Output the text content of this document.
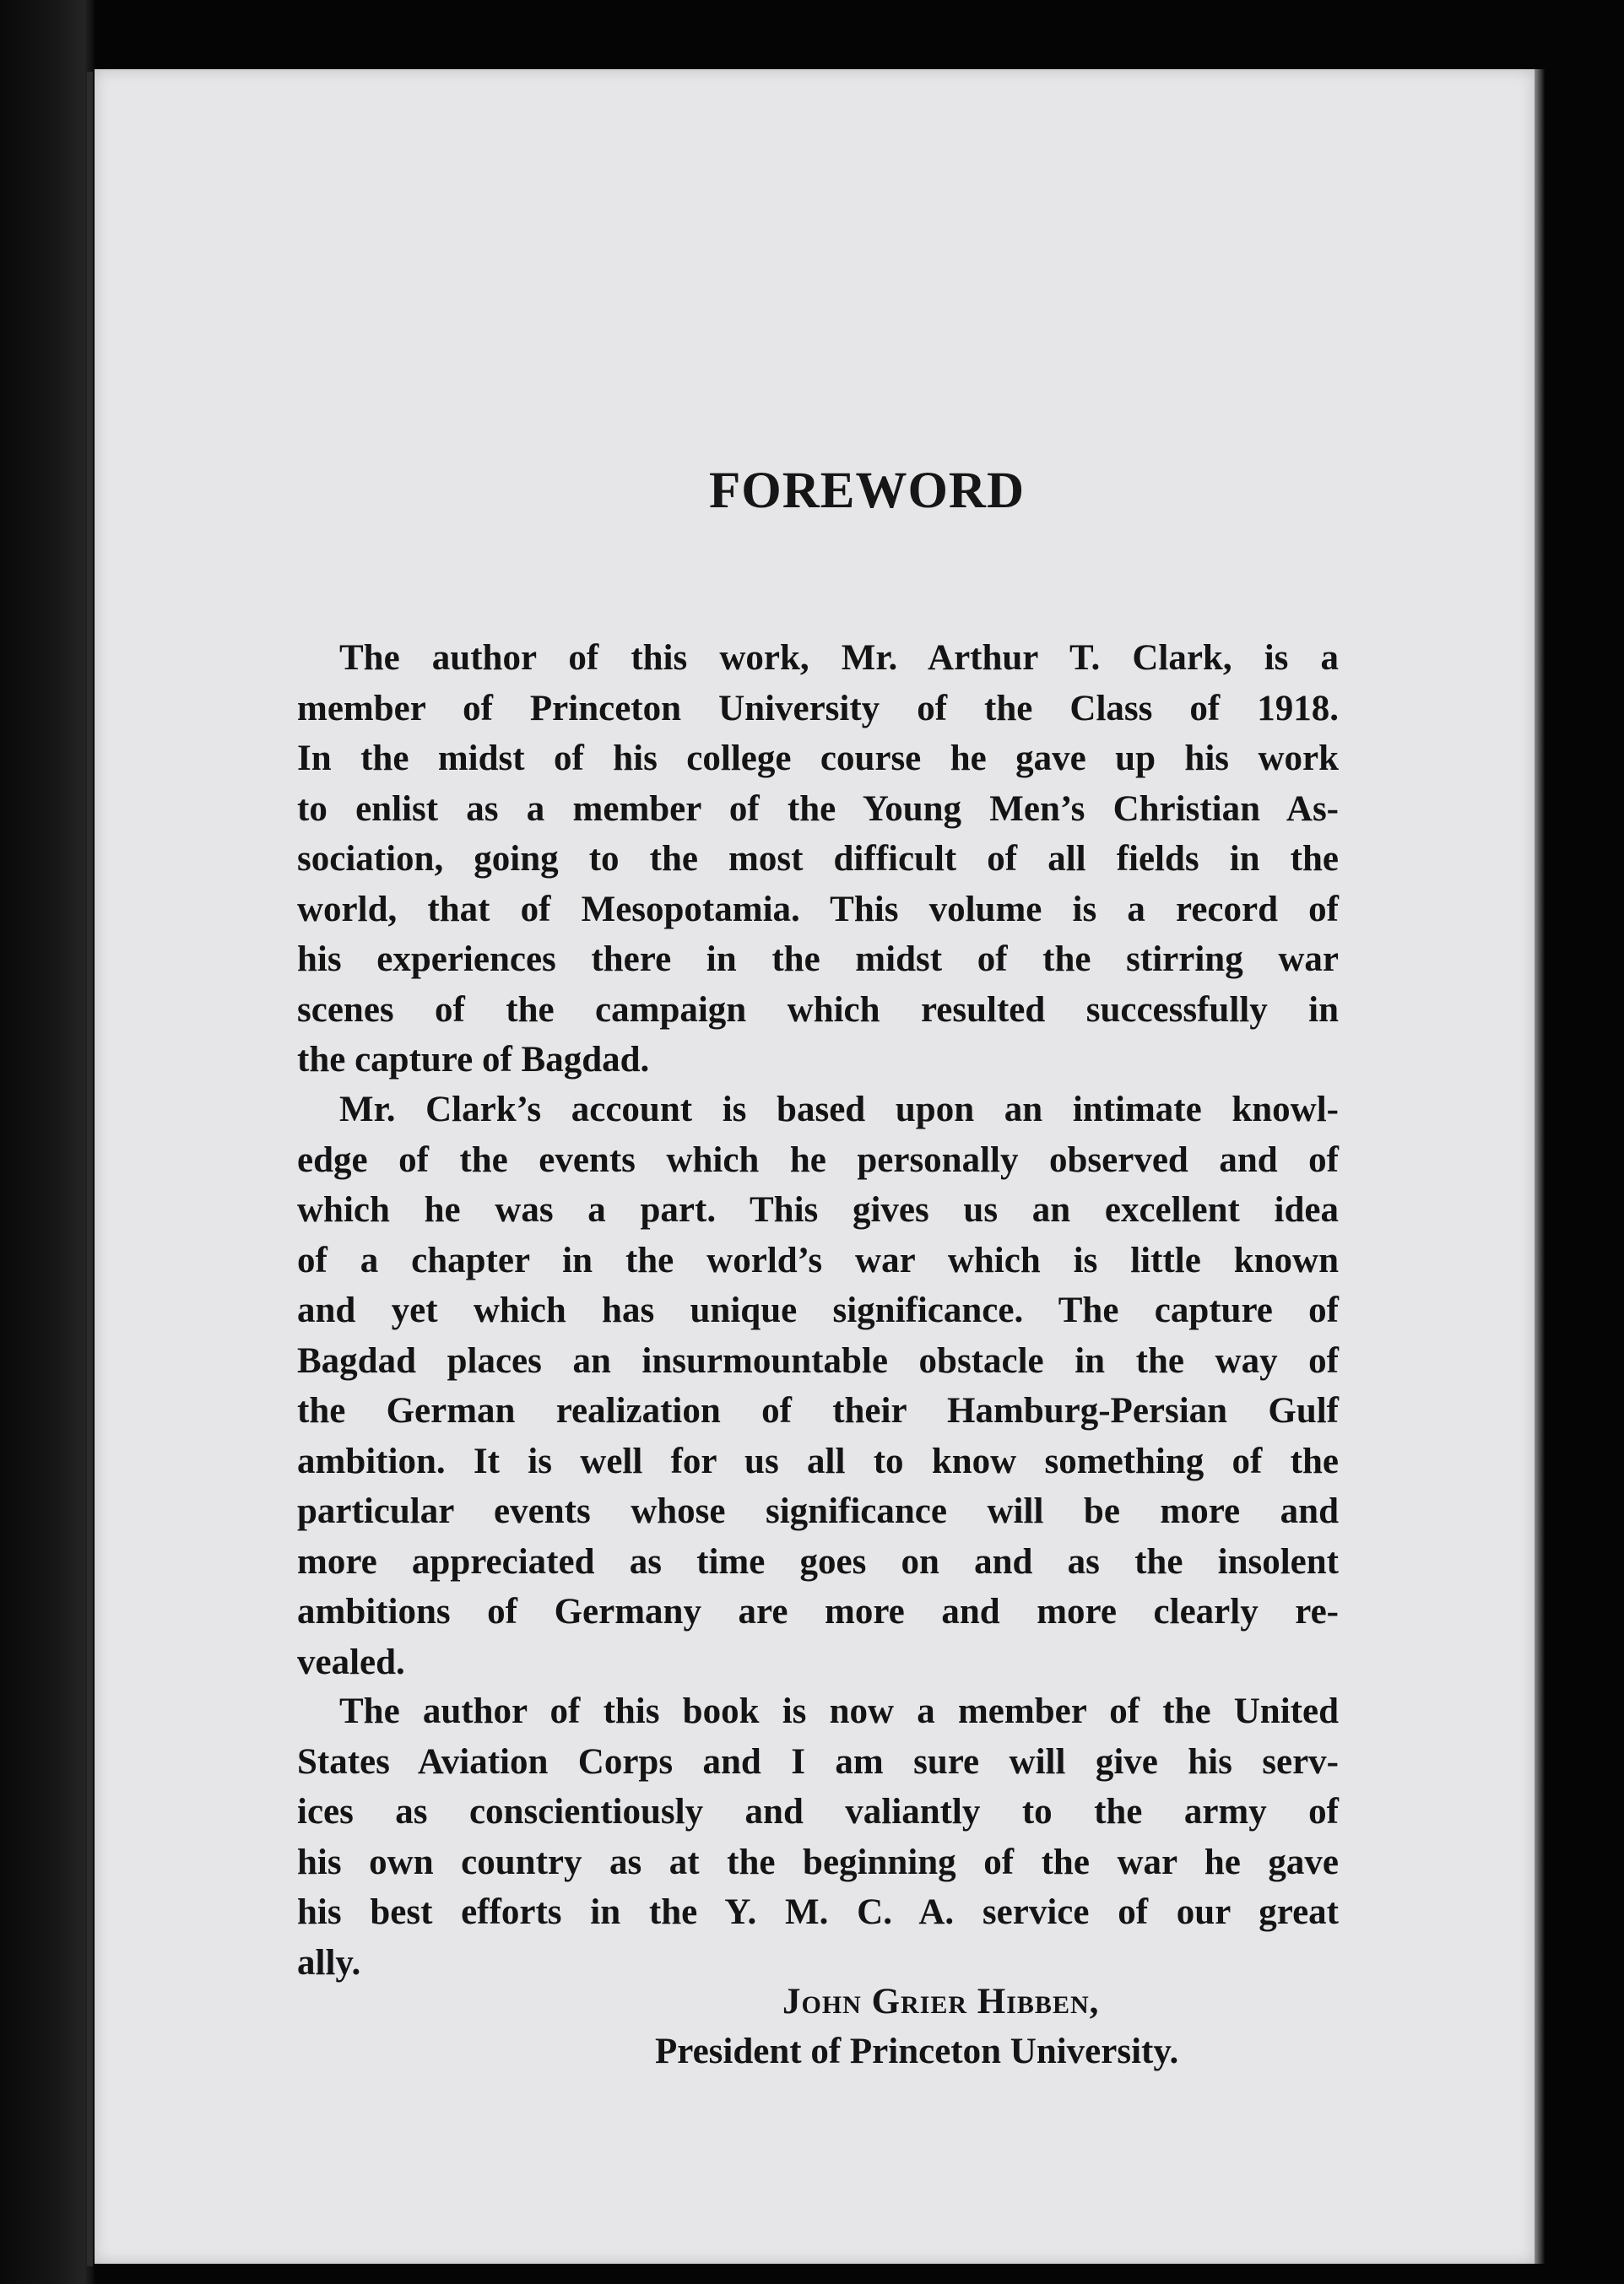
FOREWORD
The author of this work, Mr. Arthur T. Clark, is a
member of Princeton University of the Class of 1918.
In the midst of his college course he gave up his work
to enlist as a member of the Young Men’s Christian As-
sociation, going to the most difficult of all fields in the
world, that of Mesopotamia. This volume is a record of
his experiences there in the midst of the stirring war
scenes of the campaign which resulted successfully in
the capture of Bagdad.
Mr. Clark’s account is based upon an intimate knowl-
edge of the events which he personally observed and of
which he was a part. This gives us an excellent idea
of a chapter in the world’s war which is little known
and yet which has unique significance. The capture of
Bagdad places an insurmountable obstacle in the way of
the German realization of their Hamburg-Persian Gulf
ambition. It is well for us all to know something of the
particular events whose significance will be more and
more appreciated as time goes on and as the insolent
ambitions of Germany are more and more clearly re-
vealed.
The author of this book is now a member of the United
States Aviation Corps and I am sure will give his serv-
ices as conscientiously and valiantly to the army of
his own country as at the beginning of the war he gave
his best efforts in the Y. M. C. A. service of our great
ally.
John Grier Hibben,
President of Princeton University.
